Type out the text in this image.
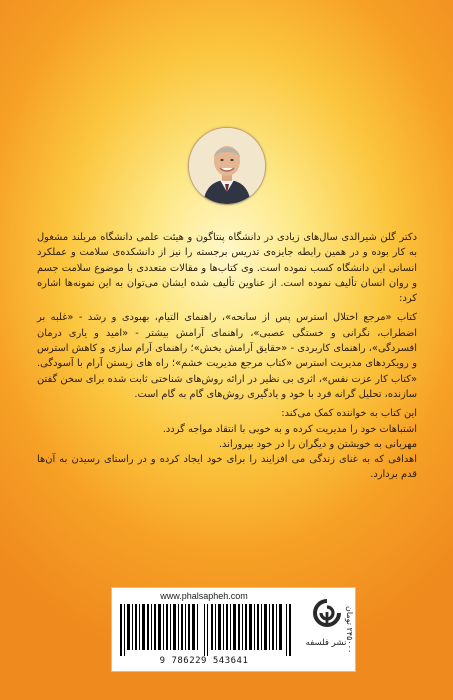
دکتر گلن شیرالدی سال‌های زیادی در دانشگاه پنتاگون و هیئت علمی دانشگاه مریلند مشغول به کار بوده و در همین رابطه جایزه‌ی تدریس برجسته را نیز از دانشکده‌ی سلامت و عملکرد انسانی این دانشگاه کسب نموده است. وی کتاب‌ها و مقالات متعددی با موضوع سلامت جسم و روان انسان تألیف نموده است. از عناوین تألیف شده ایشان می‌توان به این نمونه‌ها اشاره کرد:

کتاب «مرجع اختلال استرس پس از سانحه»، راهنمای التیام، بهبودی و رشد - «غلبه بر اضطراب، نگرانی و خستگی عصبی»، راهنمای آرامش بیشتر - «امید و یاری درمان افسردگی»، راهنمای کاربردی - «حقایق آرامش بخش»؛ راهنمای آرام سازی و کاهش استرس و رویکردهای مدیریت استرس «کتاب مرجع مدیریت خشم»؛ راه های زیستن آرام با آسودگی. «کتاب کار عزت نفس»، اثری بی نظیر در ارائه روش‌های شناختی ثابت شده برای سخن گفتن سازنده، تحلیل گرانه فرد با خود و یادگیری روش‌های گام به گام است.

این کتاب به خواننده کمک می‌کند:

اشتباهات خود را مدیریت کرده و به خوبی با انتقاد مواجه گردد.
مهربانی به خویشتن و دیگران را در خود بپروراند.
اهدافی که به غنای زندگی می افزایند را برای خود ایجاد کرده و در راستای رسیدن به آن‌ها قدم بردارد.
www.phalsapheh.com
9 786229 543641
نشر فلسفه
۲۴۵۰۰۰ تومان
